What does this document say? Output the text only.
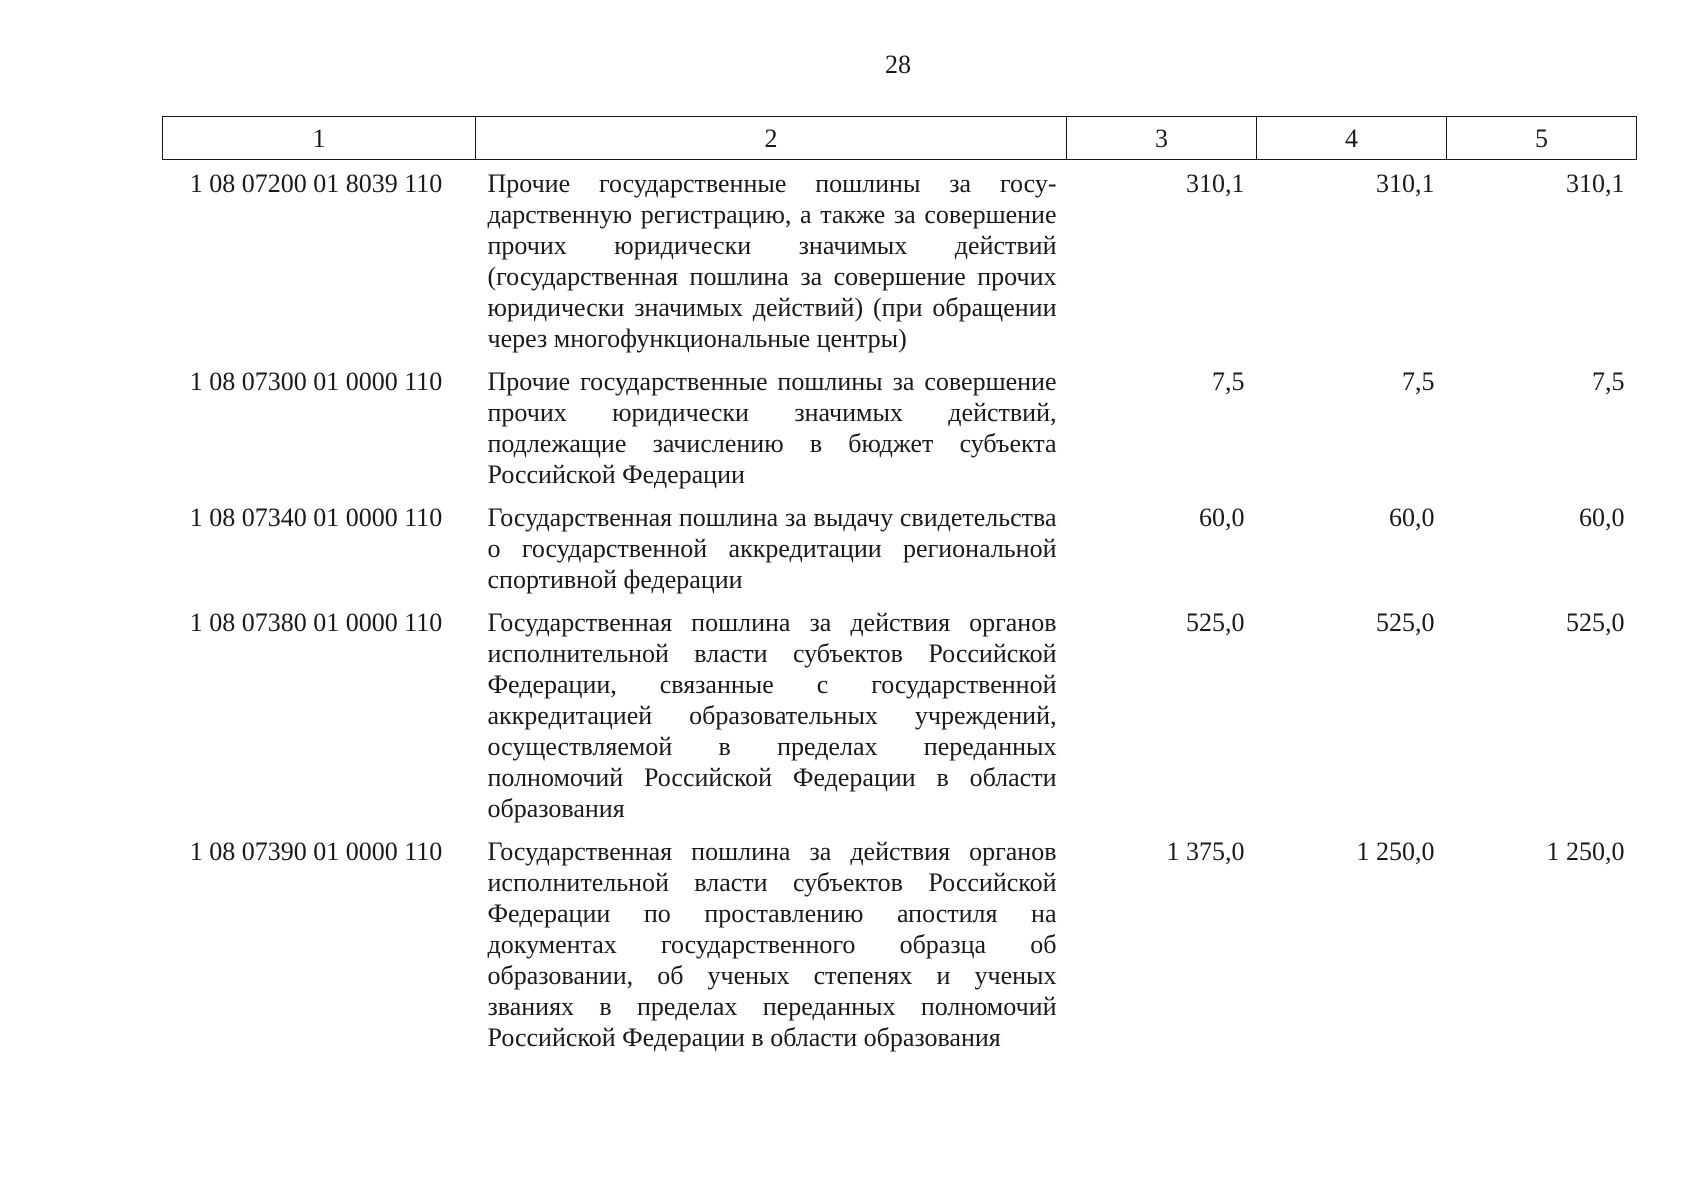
28
1	2	3	4	5
1 08 07200 01 8039 110	Прочие государственные пошлины за государственную регистрацию, а также за совершение прочих юридически значимых действий (государственная пошлина за совершение прочих юридически значимых действий) (при обращении через многофункциональные центры)	310,1	310,1	310,1
1 08 07300 01 0000 110	Прочие государственные пошлины за совершение прочих юридически значимых действий, подлежащие зачислению в бюджет субъекта Российской Федерации	7,5	7,5	7,5
1 08 07340 01 0000 110	Государственная пошлина за выдачу свидетельства о государственной аккредитации региональной спортивной федерации	60,0	60,0	60,0
1 08 07380 01 0000 110	Государственная пошлина за действия органов исполнительной власти субъектов Российской Федерации, связанные с государственной аккредитацией образовательных учреждений, осуществляемой в пределах переданных полномочий Российской Федерации в области образования	525,0	525,0	525,0
1 08 07390 01 0000 110	Государственная пошлина за действия органов исполнительной власти субъектов Российской Федерации по проставлению апостиля на документах государственного образца об образовании, об ученых степенях и ученых званиях в пределах переданных полномочий Российской Федерации в области образования	1 375,0	1 250,0	1 250,0
